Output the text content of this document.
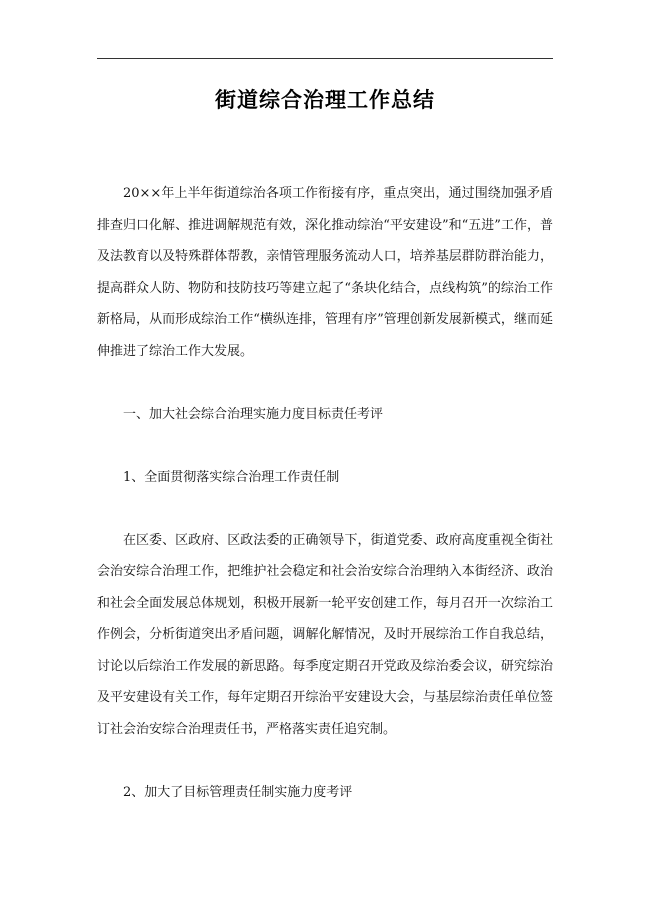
街道综合治理工作总结

20××年上半年街道综治各项工作衔接有序，重点突出，通过围绕加强矛盾排查归口化解、推进调解规范有效，深化推动综治“平安建设”和“五进”工作，普及法教育以及特殊群体帮教，亲情管理服务流动人口，培养基层群防群治能力，提高群众人防、物防和技防技巧等建立起了“条块化结合，点线构筑”的综治工作新格局，从而形成综治工作“横纵连排，管理有序”管理创新发展新模式，继而延伸推进了综治工作大发展。

一、加大社会综合治理实施力度目标责任考评

1、全面贯彻落实综合治理工作责任制

在区委、区政府、区政法委的正确领导下，街道党委、政府高度重视全街社会治安综合治理工作，把维护社会稳定和社会治安综合治理纳入本街经济、政治和社会全面发展总体规划，积极开展新一轮平安创建工作，每月召开一次综治工作例会，分析街道突出矛盾问题，调解化解情况，及时开展综治工作自我总结，讨论以后综治工作发展的新思路。每季度定期召开党政及综治委会议，研究综治及平安建设有关工作，每年定期召开综治平安建设大会，与基层综治责任单位签订社会治安综合治理责任书，严格落实责任追究制。

2、加大了目标管理责任制实施力度考评
